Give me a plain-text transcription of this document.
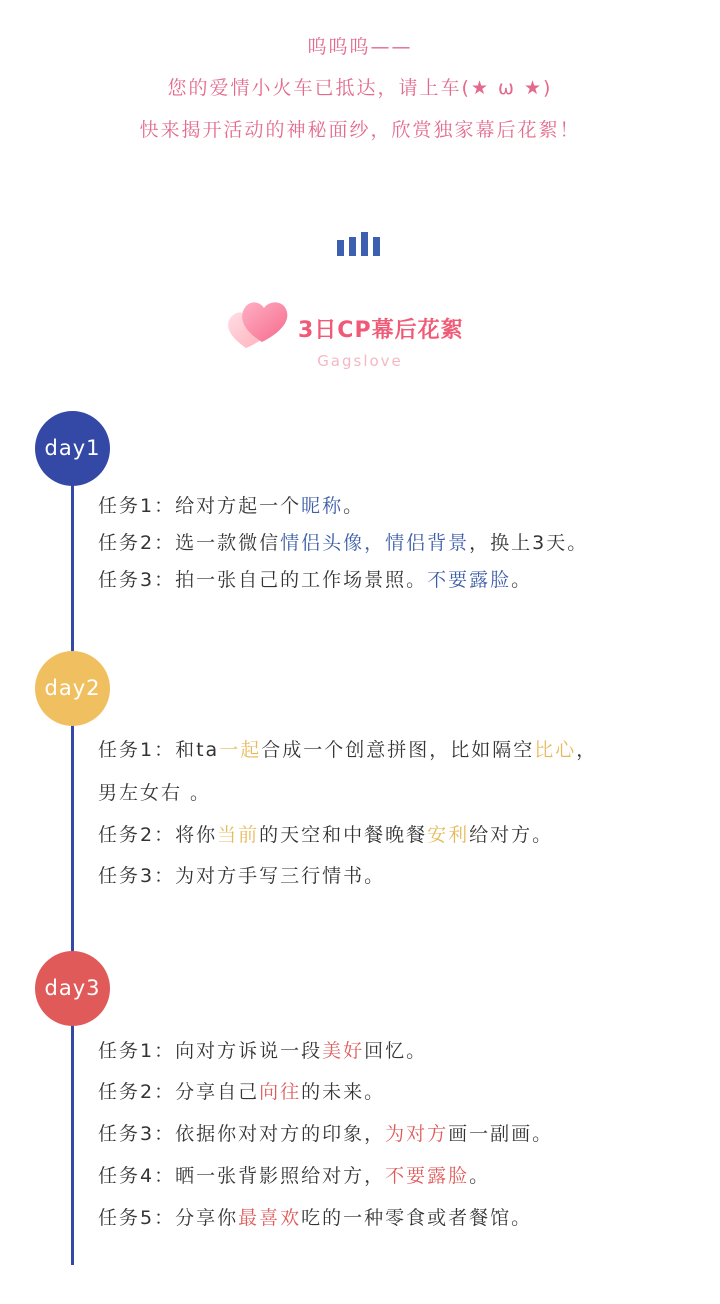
呜呜呜——
您的爱情小火车已抵达，请上车(★ ω ★)
快来揭开活动的神秘面纱，欣赏独家幕后花絮！
3日CP幕后花絮
Gagslove
day1
任务1：给对方起一个昵称。
任务2：选一款微信情侣头像，情侣背景，换上3天。
任务3：拍一张自己的工作场景照。不要露脸。
day2
任务1：和ta一起合成一个创意拼图，比如隔空比心，
男左女右 。
任务2：将你当前的天空和中餐晚餐安利给对方。
任务3：为对方手写三行情书。
day3
任务1：向对方诉说一段美好回忆。
任务2：分享自己向往的未来。
任务3：依据你对对方的印象，为对方画一副画。
任务4：晒一张背影照给对方，不要露脸。
任务5：分享你最喜欢吃的一种零食或者餐馆。
